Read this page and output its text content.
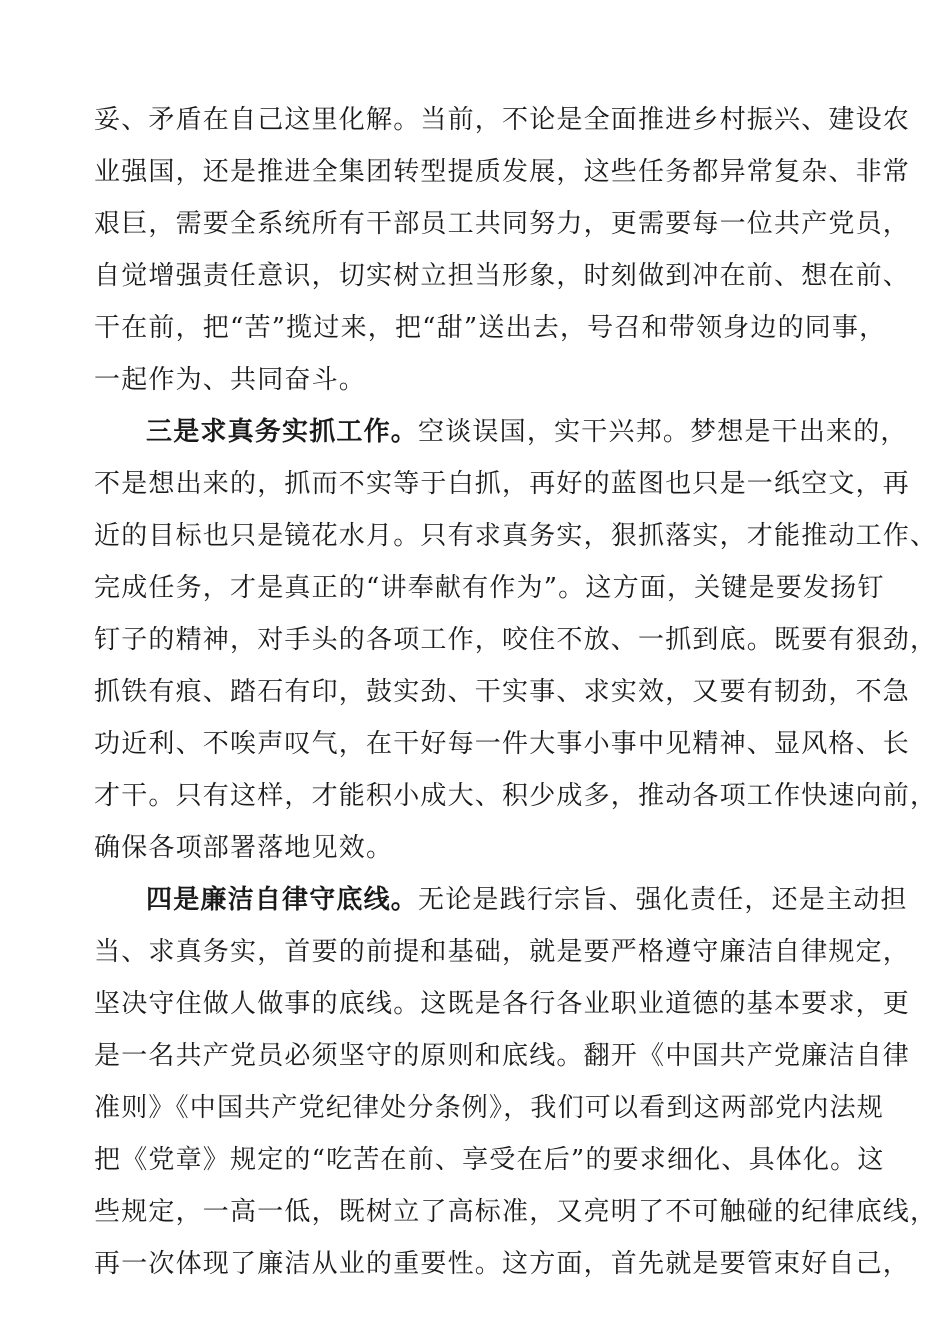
妥、矛盾在自己这里化解。当前，不论是全面推进乡村振兴、建设农
业强国，还是推进全集团转型提质发展，这些任务都异常复杂、非常
艰巨，需要全系统所有干部员工共同努力，更需要每一位共产党员，
自觉增强责任意识，切实树立担当形象，时刻做到冲在前、想在前、
干在前，把“苦”揽过来，把“甜”送出去，号召和带领身边的同事，
一起作为、共同奋斗。
三是求真务实抓工作。空谈误国，实干兴邦。梦想是干出来的，
不是想出来的，抓而不实等于白抓，再好的蓝图也只是一纸空文，再
近的目标也只是镜花水月。只有求真务实，狠抓落实，才能推动工作、
完成任务，才是真正的“讲奉献有作为”。这方面，关键是要发扬钉
钉子的精神，对手头的各项工作，咬住不放、一抓到底。既要有狠劲，
抓铁有痕、踏石有印，鼓实劲、干实事、求实效，又要有韧劲，不急
功近利、不唉声叹气，在干好每一件大事小事中见精神、显风格、长
才干。只有这样，才能积小成大、积少成多，推动各项工作快速向前，
确保各项部署落地见效。
四是廉洁自律守底线。无论是践行宗旨、强化责任，还是主动担
当、求真务实，首要的前提和基础，就是要严格遵守廉洁自律规定，
坚决守住做人做事的底线。这既是各行各业职业道德的基本要求，更
是一名共产党员必须坚守的原则和底线。翻开《中国共产党廉洁自律
准则》《中国共产党纪律处分条例》，我们可以看到这两部党内法规
把《党章》规定的“吃苦在前、享受在后”的要求细化、具体化。这
些规定，一高一低，既树立了高标准，又亮明了不可触碰的纪律底线，
再一次体现了廉洁从业的重要性。这方面，首先就是要管束好自己，
